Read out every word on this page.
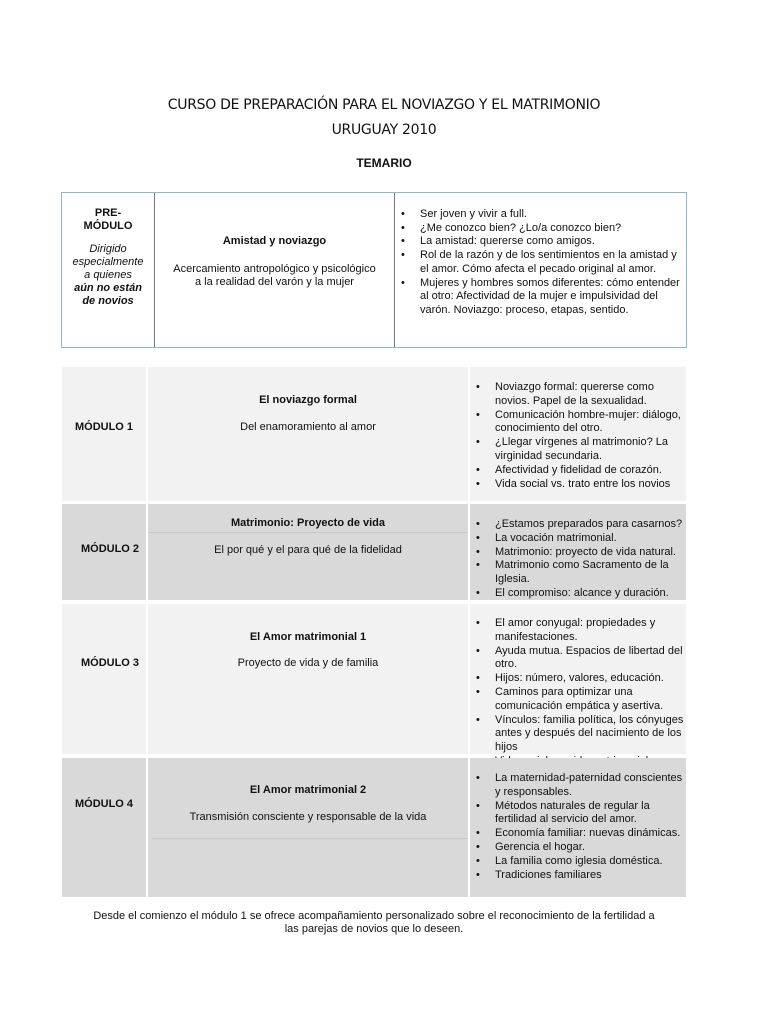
CURSO DE PREPARACIÓN PARA EL NOVIAZGO Y EL MATRIMONIO
URUGUAY 2010
TEMARIO
PRE-
MÓDULO
Dirigido
especialmente
a quienes
aún no están
de novios
Amistad y noviazgo
Acercamiento antropológico y psicológico
a la realidad del varón y la mujer
• Ser joven y vivir a full.
• ¿Me conozco bien? ¿Lo/a conozco bien?
• La amistad: quererse como amigos.
• Rol de la razón y de los sentimientos en la amistad y el amor. Cómo afecta el pecado original al amor.
• Mujeres y hombres somos diferentes: cómo entender al otro: Afectividad de la mujer e impulsividad del varón. Noviazgo: proceso, etapas, sentido.
MÓDULO 1
El noviazgo formal
Del enamoramiento al amor
• Noviazgo formal: quererse como novios. Papel de la sexualidad.
• Comunicación hombre-mujer: diálogo, conocimiento del otro.
• ¿Llegar vírgenes al matrimonio? La virginidad secundaria.
• Afectividad y fidelidad de corazón.
• Vida social vs. trato entre los novios
MÓDULO 2
Matrimonio: Proyecto de vida
El por qué y el para qué de la fidelidad
• ¿Estamos preparados para casarnos?
• La vocación matrimonial.
• Matrimonio: proyecto de vida natural.
• Matrimonio como Sacramento de la Iglesia.
• El compromiso: alcance y duración.
MÓDULO 3
El Amor matrimonial 1
Proyecto de vida y de familia
• El amor conyugal: propiedades y manifestaciones.
• Ayuda mutua. Espacios de libertad del otro.
• Hijos: número, valores, educación.
• Caminos para optimizar una comunicación empática y asertiva.
• Vínculos: familia política, los cónyuges antes y después del nacimiento de los hijos
•
MÓDULO 4
El Amor matrimonial 2
Transmisión consciente y responsable de la vida
• La maternidad-paternidad conscientes y responsables.
• Métodos naturales de regular la fertilidad al servicio del amor.
• Economía familiar: nuevas dinámicas.
• Gerencia el hogar.
• La familia como iglesia doméstica.
• Tradiciones familiares
Desde el comienzo el módulo 1 se ofrece acompañamiento personalizado sobre el reconocimiento de la fertilidad a
las parejas de novios que lo deseen.
